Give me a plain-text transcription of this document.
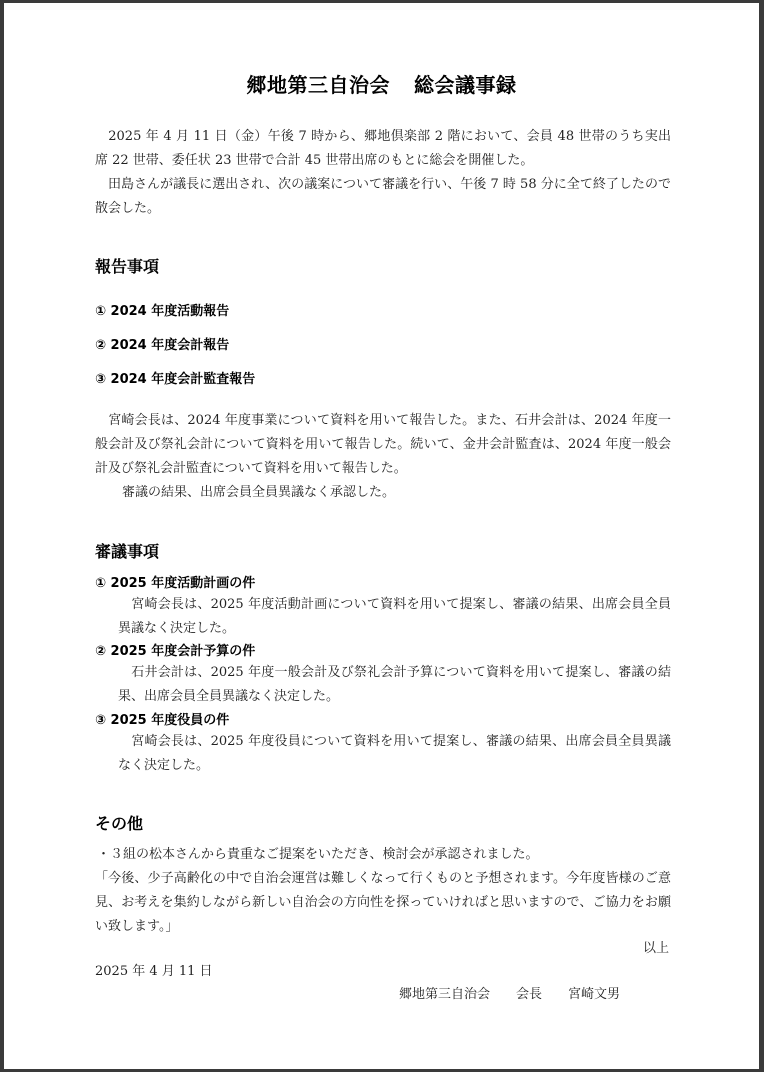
郷地第三自治会 総会議事録
　2025 年 4 月 11 日（金）午後 7 時から、郷地倶楽部 2 階において、会員 48 世帯のうち実出席 22 世帯、委任状 23 世帯で合計 45 世帯出席のもとに総会を開催した。
　田島さんが議長に選出され、次の議案について審議を行い、午後 7 時 58 分に全て終了したので散会した。
報告事項
① 2024 年度活動報告
② 2024 年度会計報告
③ 2024 年度会計監査報告
　宮崎会長は、2024 年度事業について資料を用いて報告した。また、石井会計は、2024 年度一般会計及び祭礼会計について資料を用いて報告した。続いて、金井会計監査は、2024 年度一般会計及び祭礼会計監査について資料を用いて報告した。
　審議の結果、出席会員全員異議なく承認した。
審議事項
① 2025 年度活動計画の件
　宮崎会長は、2025 年度活動計画について資料を用いて提案し、審議の結果、出席会員全員異議なく決定した。
② 2025 年度会計予算の件
　石井会計は、2025 年度一般会計及び祭礼会計予算について資料を用いて提案し、審議の結果、出席会員全員異議なく決定した。
③ 2025 年度役員の件
　宮崎会長は、2025 年度役員について資料を用いて提案し、審議の結果、出席会員全員異議なく決定した。
その他
・３組の松本さんから貴重なご提案をいただき、検討会が承認されました。
「今後、少子高齢化の中で自治会運営は難しくなって行くものと予想されます。今年度皆様のご意見、お考えを集約しながら新しい自治会の方向性を探っていければと思いますので、ご協力をお願い致します。」
以上
2025 年 4 月 11 日
郷地第三自治会　　会長　　宮崎文男
